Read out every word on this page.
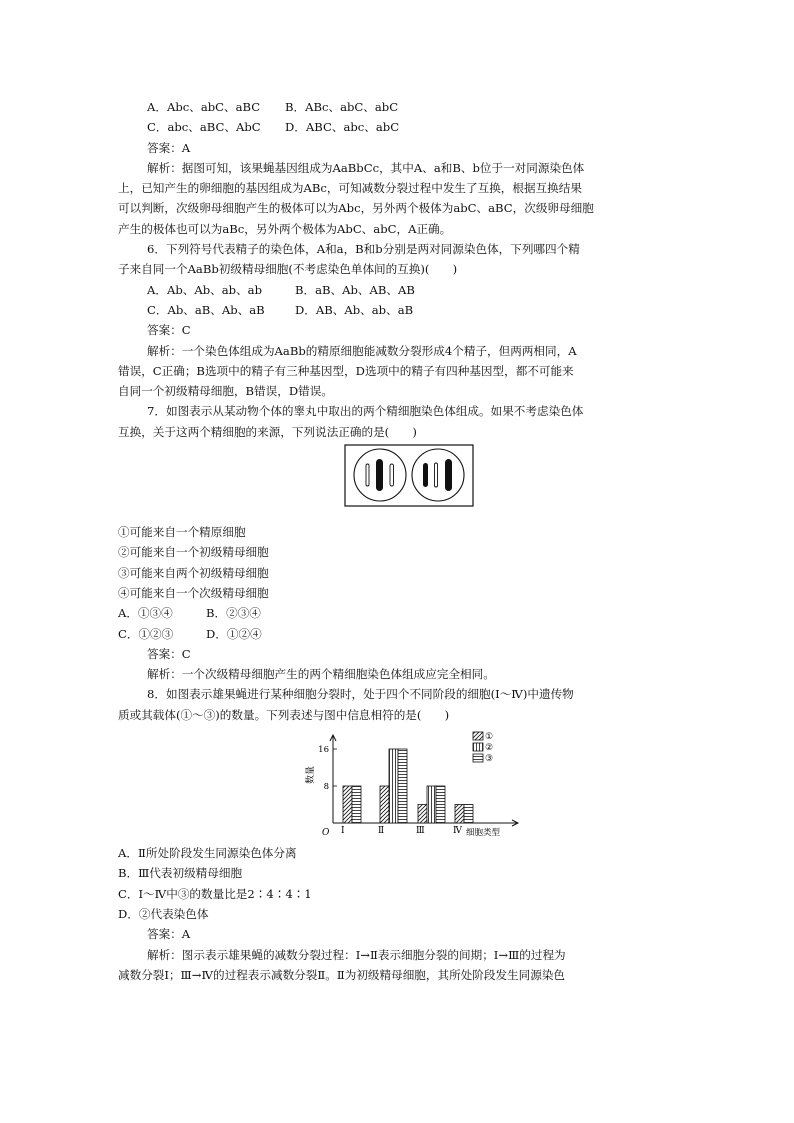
A．Abc、abC、aBC B．ABc、abC、abC
C．abc、aBC、AbC D．ABC、abc、abC
答案：A
解析：据图可知，该果蝇基因组成为AaBbCc，其中A、a和B、b位于一对同源染色体
上，已知产生的卵细胞的基因组成为ABc，可知减数分裂过程中发生了互换，根据互换结果
可以判断，次级卵母细胞产生的极体可以为Abc，另外两个极体为abC、aBC，次级卵母细胞
产生的极体也可以为aBc，另外两个极体为AbC、abC，A正确。
6．下列符号代表精子的染色体，A和a，B和b分别是两对同源染色体，下列哪四个精
子来自同一个AaBb初级精母细胞(不考虑染色单体间的互换)(　　)
A．Ab、Ab、ab、ab	B．aB、Ab、AB、AB
C．Ab、aB、Ab、aB	D．AB、Ab、ab、aB
答案：C
解析：一个染色体组成为AaBb的精原细胞能减数分裂形成4个精子，但两两相同，A
错误，C正确；B选项中的精子有三种基因型，D选项中的精子有四种基因型，都不可能来
自同一个初级精母细胞，B错误，D错误。
7．如图表示从某动物个体的睾丸中取出的两个精细胞染色体组成。如果不考虑染色体
互换，关于这两个精细胞的来源，下列说法正确的是(　　)
①可能来自一个精原细胞
②可能来自一个初级精母细胞
③可能来自两个初级精母细胞
④可能来自一个次级精母细胞
A．①③④	B．②③④
C．①②③	D．①②④
答案：C
解析：一个次级精母细胞产生的两个精细胞染色体组成应完全相同。
8．如图表示雄果蝇进行某种细胞分裂时，处于四个不同阶段的细胞(Ⅰ～Ⅳ)中遗传物
质或其载体(①～③)的数量。下列表述与图中信息相符的是(　　)
8
16
数量
O	细胞类型
Ⅰ	Ⅱ	Ⅲ	Ⅳ
①
②
③
A．Ⅱ所处阶段发生同源染色体分离
B．Ⅲ代表初级精母细胞
C．Ⅰ～Ⅳ中③的数量比是2∶4∶4∶1
D．②代表染色体
答案：A
解析：图示表示雄果蝇的减数分裂过程：Ⅰ→Ⅱ表示细胞分裂的间期；Ⅰ→Ⅲ的过程为
减数分裂Ⅰ；Ⅲ→Ⅳ的过程表示减数分裂Ⅱ。Ⅱ为初级精母细胞，其所处阶段发生同源染色
